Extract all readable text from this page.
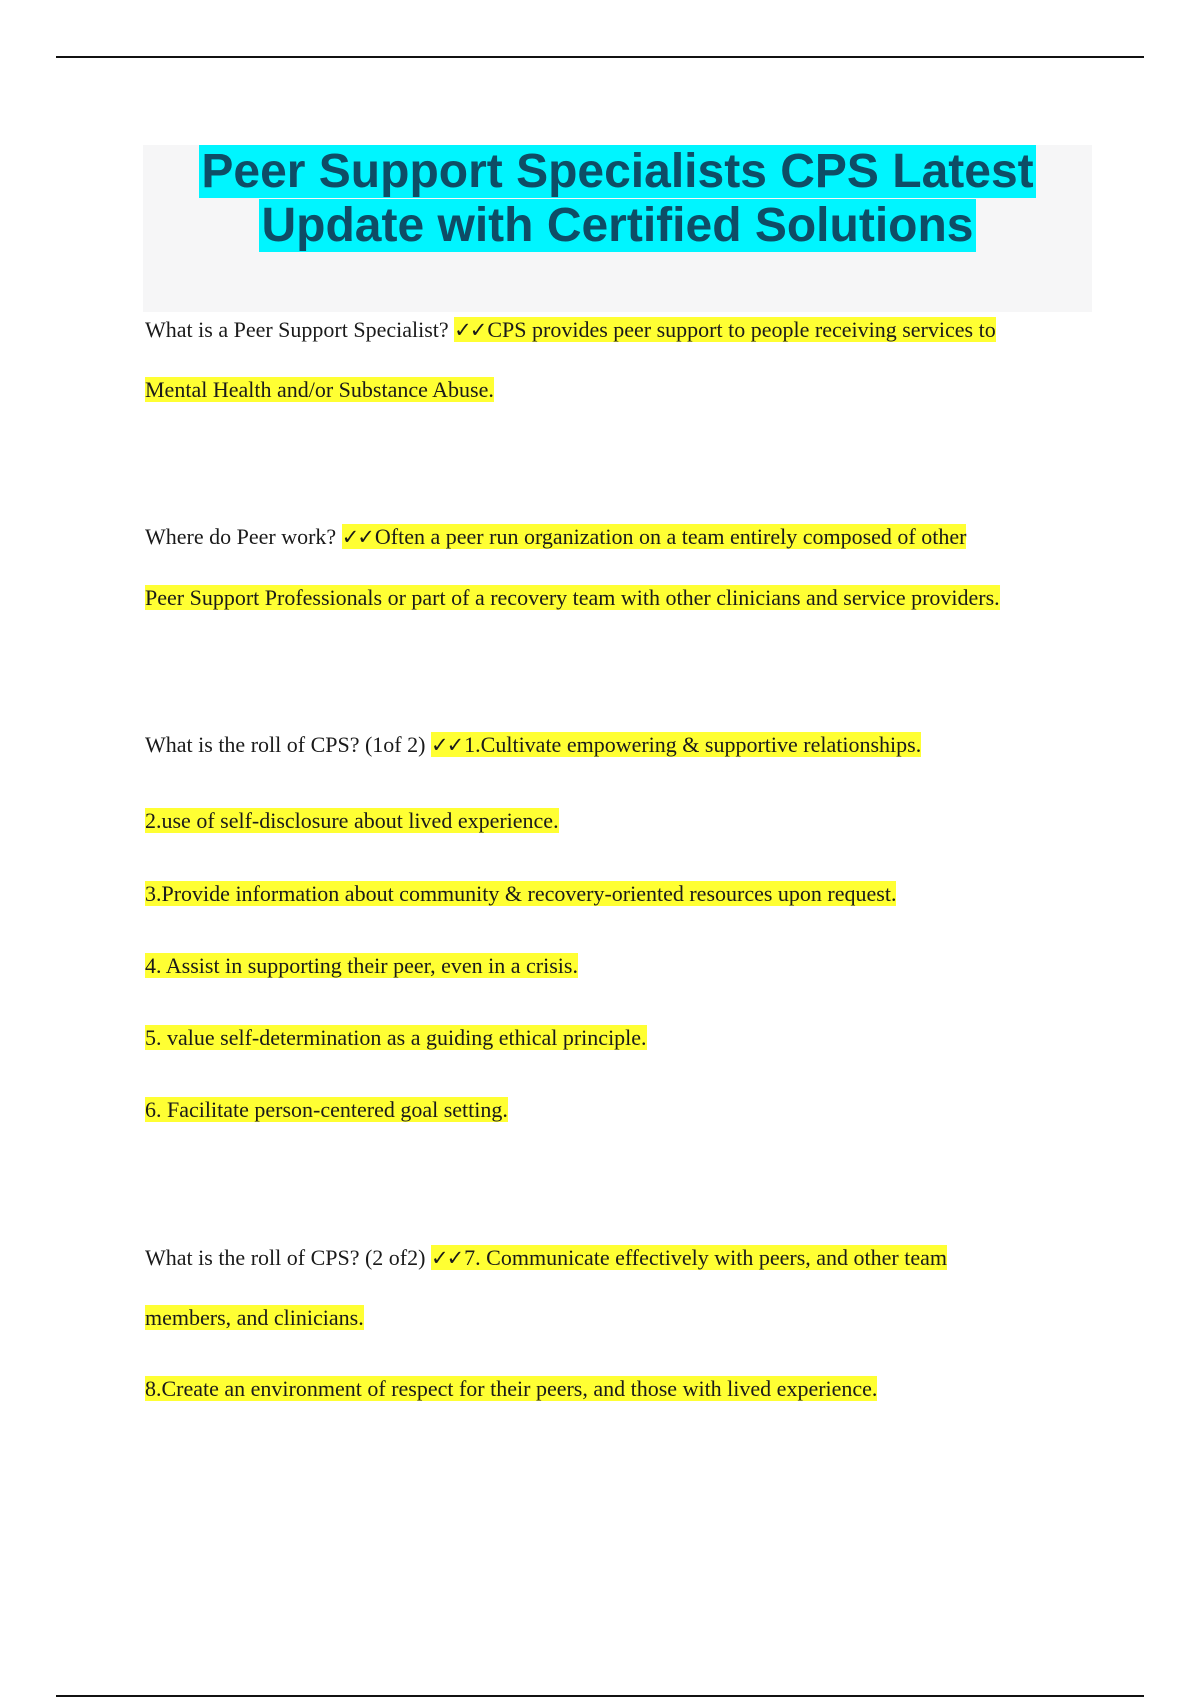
Peer Support Specialists CPS Latest
Update with Certified Solutions

What is a Peer Support Specialist? ✓✓CPS provides peer support to people receiving services to

Mental Health and/or Substance Abuse.

Where do Peer work? ✓✓Often a peer run organization on a team entirely composed of other

Peer Support Professionals or part of a recovery team with other clinicians and service providers.

What is the roll of CPS? (1of 2) ✓✓1.Cultivate empowering & supportive relationships.

2.use of self-disclosure about lived experience.

3.Provide information about community & recovery-oriented resources upon request.

4. Assist in supporting their peer, even in a crisis.

5. value self-determination as a guiding ethical principle.

6. Facilitate person-centered goal setting.

What is the roll of CPS? (2 of2) ✓✓7. Communicate effectively with peers, and other team

members, and clinicians.

8.Create an environment of respect for their peers, and those with lived experience.
